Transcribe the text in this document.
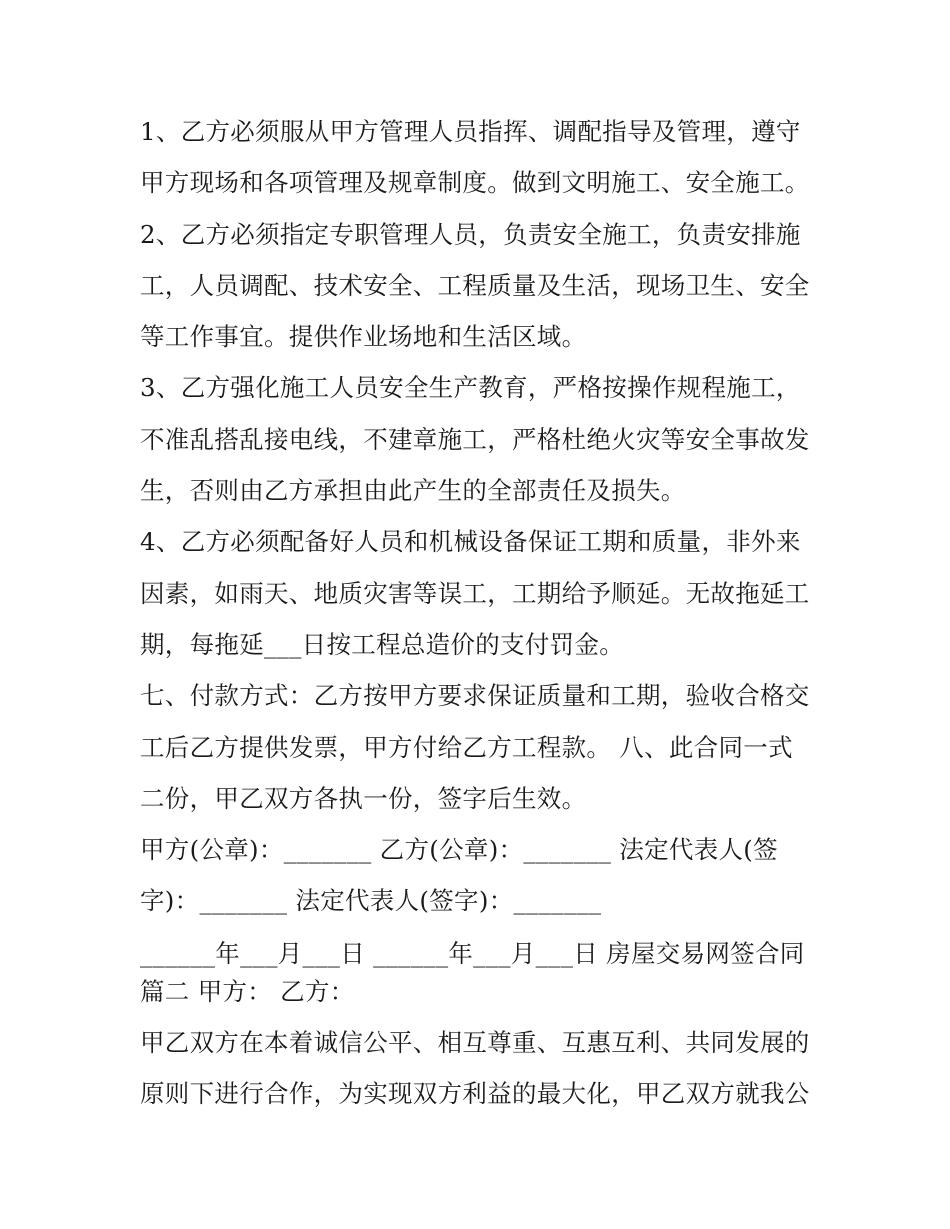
1、乙方必须服从甲方管理人员指挥、调配指导及管理，遵守
甲方现场和各项管理及规章制度。做到文明施工、安全施工。
2、乙方必须指定专职管理人员，负责安全施工，负责安排施
工，人员调配、技术安全、工程质量及生活，现场卫生、安全
等工作事宜。提供作业场地和生活区域。
3、乙方强化施工人员安全生产教育，严格按操作规程施工，
不准乱搭乱接电线，不建章施工，严格杜绝火灾等安全事故发
生，否则由乙方承担由此产生的全部责任及损失。
4、乙方必须配备好人员和机械设备保证工期和质量，非外来
因素，如雨天、地质灾害等误工，工期给予顺延。无故拖延工
期，每拖延___日按工程总造价的支付罚金。
七、付款方式：乙方按甲方要求保证质量和工期，验收合格交
工后乙方提供发票，甲方付给乙方工程款。 八、此合同一式
二份，甲乙双方各执一份，签字后生效。
甲方(公章)：_______ 乙方(公章)：_______ 法定代表人(签
字)：_______ 法定代表人(签字)：_______
______年___月___日 ______年___月___日 房屋交易网签合同
篇二 甲方： 乙方：
甲乙双方在本着诚信公平、相互尊重、互惠互利、共同发展的
原则下进行合作，为实现双方利益的最大化，甲乙双方就我公
